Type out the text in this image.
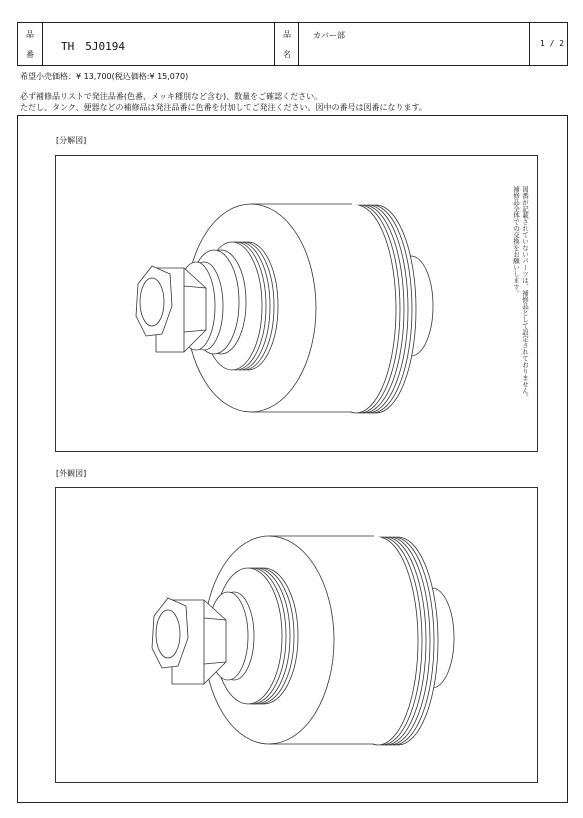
品
番
TH　5J0194
品
名
カバー部
1 / 2
希望小売価格：¥ 13,700(税込価格:¥ 15,070)
必ず補修品リストで発注品番(色番、メッキ種別など含む)、数量をご確認ください。
ただし、タンク、便器などの補修品は発注品番に色番を付加してご発注ください。図中の番号は図番になります。
[分解図]
図番が記載されていないパーツは、補修品として設定されておりません。
補修品全体での交換をお願いします。
[外観図]
